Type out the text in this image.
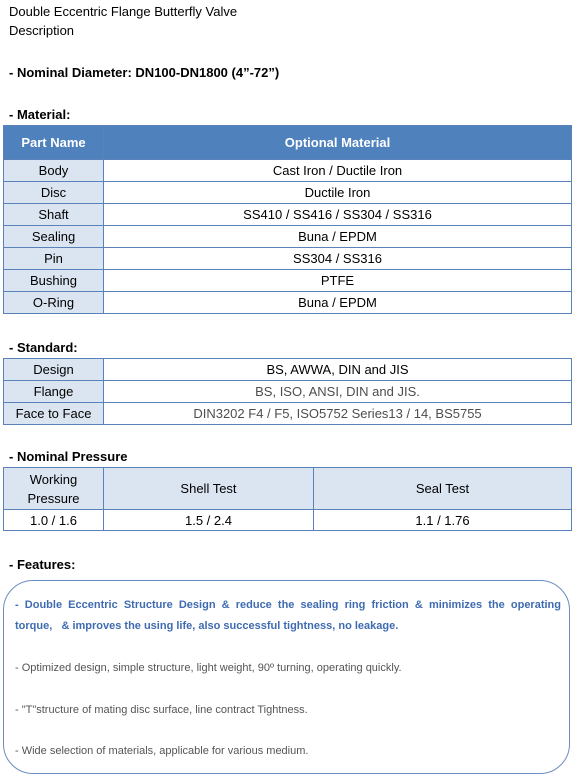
Double Eccentric Flange Butterfly Valve
Description
- Nominal Diameter: DN100-DN1800 (4”-72”)
- Material:
Part Name	Optional Material
Body	Cast Iron / Ductile Iron
Disc	Ductile Iron
Shaft	SS410 / SS416 / SS304 / SS316
Sealing	Buna / EPDM
Pin	SS304 / SS316
Bushing	PTFE
O-Ring	Buna / EPDM
- Standard:
Design	BS, AWWA, DIN and JIS
Flange	BS, ISO, ANSI, DIN and JIS.
Face to Face	DIN3202 F4 / F5, ISO5752 Series13 / 14, BS5755
- Nominal Pressure
Working
Pressure	Shell Test	Seal Test
1.0 / 1.6	1.5 / 2.4	1.1 / 1.76
- Features:
- Double Eccentric Structure Design & reduce the sealing ring friction & minimizes the operating torque,   & improves the using life, also successful tightness, no leakage.
- Optimized design, simple structure, light weight, 90º turning, operating quickly.
- "T"structure of mating disc surface, line contract Tightness.
- Wide selection of materials, applicable for various medium.
